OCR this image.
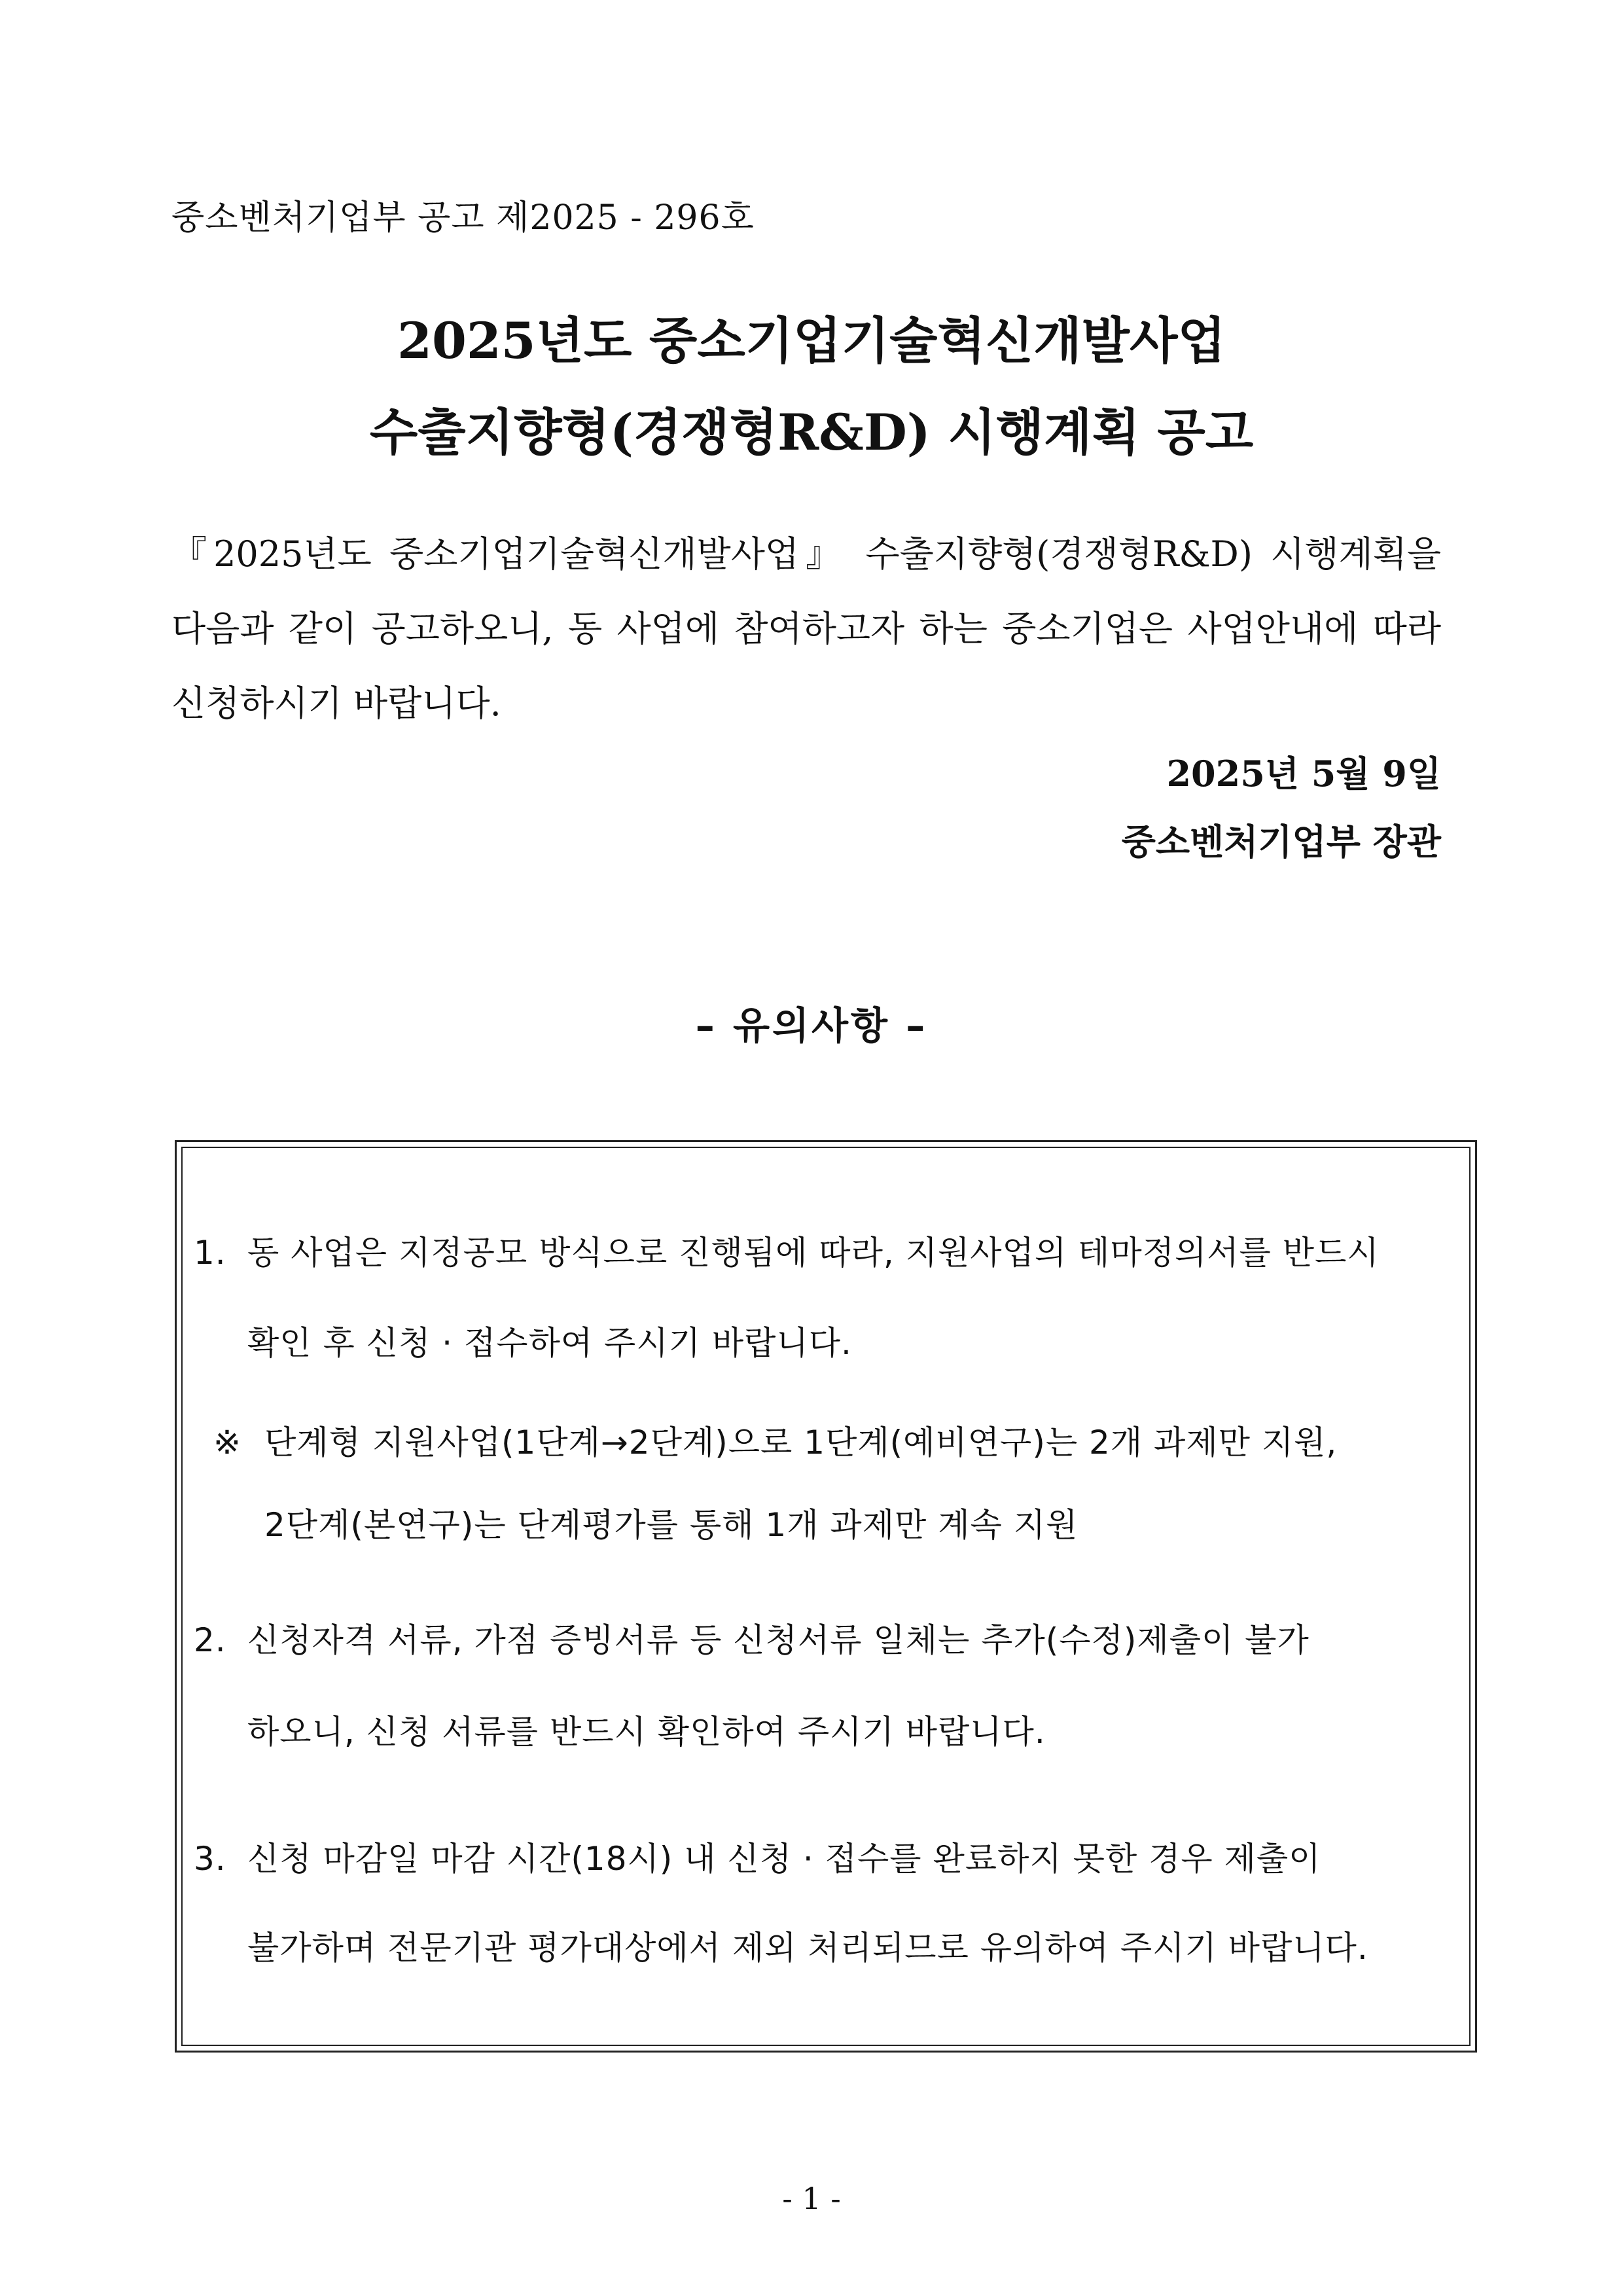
중소벤처기업부 공고 제2025 - 296호
2025년도 중소기업기술혁신개발사업
수출지향형(경쟁형R&D) 시행계획 공고
『2025년도 중소기업기술혁신개발사업』 수출지향형(경쟁형R&D) 시행계획을 다음과 같이 공고하오니, 동 사업에 참여하고자 하는 중소기업은 사업안내에 따라 신청하시기 바랍니다.
2025년 5월 9일
중소벤처기업부 장관
– 유의사항 –
1. 동 사업은 지정공모 방식으로 진행됨에 따라, 지원사업의 테마정의서를 반드시
확인 후 신청 · 접수하여 주시기 바랍니다.
※ 단계형 지원사업(1단계→2단계)으로 1단계(예비연구)는 2개 과제만 지원,
2단계(본연구)는 단계평가를 통해 1개 과제만 계속 지원
2. 신청자격 서류, 가점 증빙서류 등 신청서류 일체는 추가(수정)제출이 불가
하오니, 신청 서류를 반드시 확인하여 주시기 바랍니다.
3. 신청 마감일 마감 시간(18시) 내 신청 · 접수를 완료하지 못한 경우 제출이
불가하며 전문기관 평가대상에서 제외 처리되므로 유의하여 주시기 바랍니다.
- 1 -
